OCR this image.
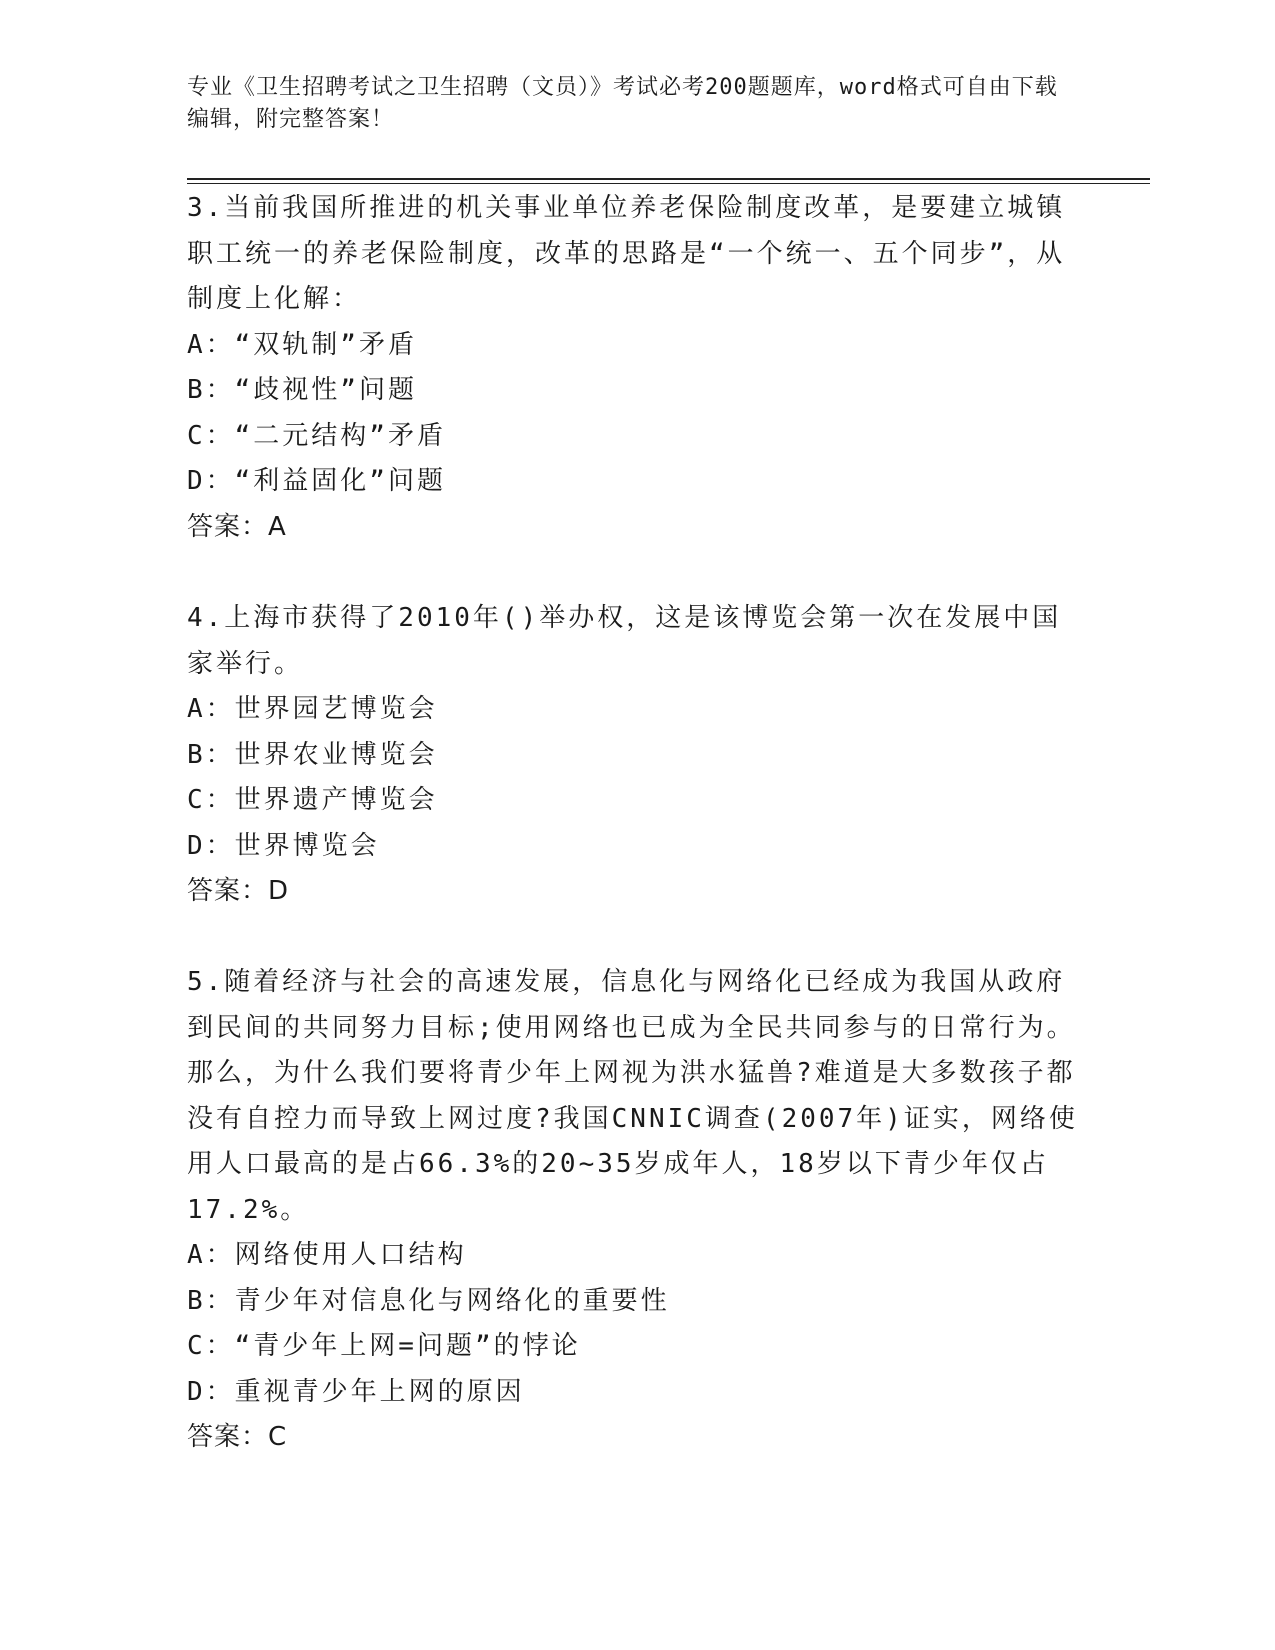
专业《卫生招聘考试之卫生招聘（文员）》考试必考200题题库，word格式可自由下载编辑，附完整答案！
3.当前我国所推进的机关事业单位养老保险制度改革，是要建立城镇职工统一的养老保险制度，改革的思路是“一个统一、五个同步”，从制度上化解：
A：“双轨制”矛盾
B：“歧视性”问题
C：“二元结构”矛盾
D：“利益固化”问题
答案：A
4.上海市获得了2010年()举办权，这是该博览会第一次在发展中国家举行。
A：世界园艺博览会
B：世界农业博览会
C：世界遗产博览会
D：世界博览会
答案：D
5.随着经济与社会的高速发展，信息化与网络化已经成为我国从政府到民间的共同努力目标;使用网络也已成为全民共同参与的日常行为。那么，为什么我们要将青少年上网视为洪水猛兽?难道是大多数孩子都没有自控力而导致上网过度?我国CNNIC调查(2007年)证实，网络使用人口最高的是占66.3%的20~35岁成年人，18岁以下青少年仅占17.2%。
A：网络使用人口结构
B：青少年对信息化与网络化的重要性
C：“青少年上网=问题”的悖论
D：重视青少年上网的原因
答案：C
